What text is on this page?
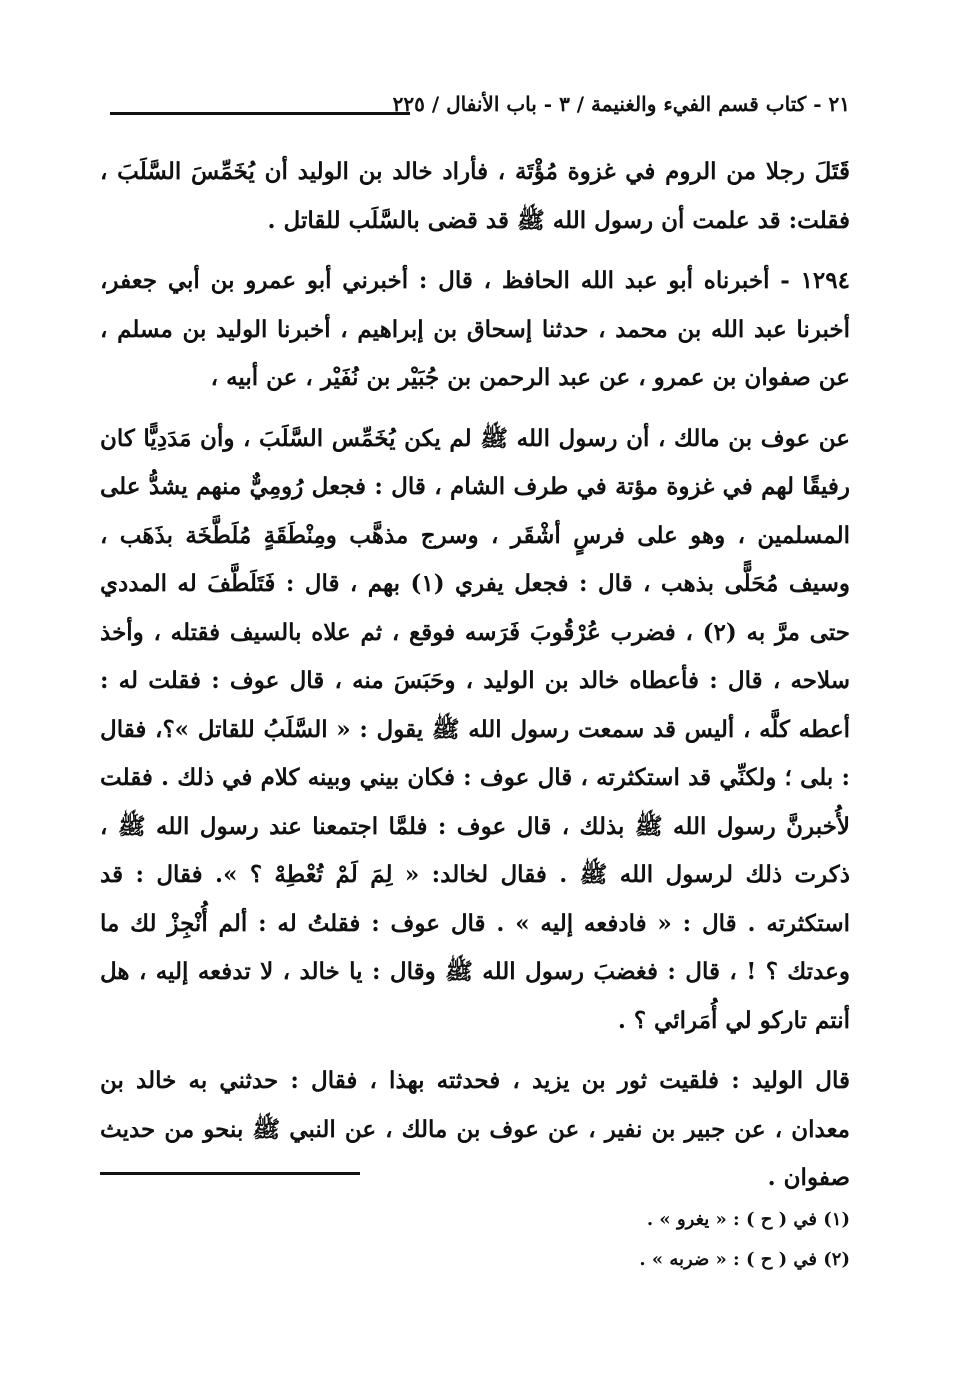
٢١ - كتاب قسم الفيء والغنيمة / ٣ - باب الأنفال / ٢٢٥

قَتَلَ رجلا من الروم في غزوة مُؤْتَة ، فأراد خالد بن الوليد أن يُخَمِّسَ السَّلَبَ ، فقلت: قد علمت أن رسول الله ﷺ قد قضى بالسَّلَب للقاتل .

١٢٩٤ - أخبرناه أبو عبد الله الحافظ ، قال : أخبرني أبو عمرو بن أبي جعفر، أخبرنا عبد الله بن محمد ، حدثنا إسحاق بن إبراهيم ، أخبرنا الوليد بن مسلم ، عن صفوان بن عمرو ، عن عبد الرحمن بن جُبَيْر بن نُفَيْر ، عن أبيه ،

عن عوف بن مالك ، أن رسول الله ﷺ لم يكن يُخَمِّس السَّلَبَ ، وأن مَدَدِيًّا كان رفيقًا لهم في غزوة مؤتة في طرف الشام ، قال : فجعل رُومِيٌّ منهم يشدُّ على المسلمين ، وهو على فرسٍ أشْقَر ، وسرج مذهَّب ومِنْطَقَةٍ مُلَطَّخَة بذَهَب ، وسيف مُحَلًّى بذهب ، قال : فجعل يفري (١) بهم ، قال : فَتَلَطَّفَ له المددي حتى مرَّ به (٢) ، فضرب عُرْقُوبَ فَرَسه فوقع ، ثم علاه بالسيف فقتله ، وأخذ سلاحه ، قال : فأعطاه خالد بن الوليد ، وحَبَسَ منه ، قال عوف : فقلت له : أعطه كلَّه ، أليس قد سمعت رسول الله ﷺ يقول : « السَّلَبُ للقاتل »؟، فقال : بلى ؛ ولكنِّي قد استكثرته ، قال عوف : فكان بيني وبينه كلام في ذلك . فقلت لأُخبرنَّ رسول الله ﷺ بذلك ، قال عوف : فلمَّا اجتمعنا عند رسول الله ﷺ ، ذكرت ذلك لرسول الله ﷺ . فقال لخالد: « لِمَ لَمْ تُعْطِهْ ؟ ». فقال : قد استكثرته . قال : « فادفعه إليه » . قال عوف : فقلتُ له : ألم أُنْجِزْ لك ما وعدتك ؟ ! ، قال : فغضبَ رسول الله ﷺ وقال : يا خالد ، لا تدفعه إليه ، هل أنتم تاركو لي أُمَرائي ؟ .

قال الوليد : فلقيت ثور بن يزيد ، فحدثته بهذا ، فقال : حدثني به خالد بن معدان ، عن جبير بن نفير ، عن عوف بن مالك ، عن النبي ﷺ بنحو من حديث صفوان .

(١) في ( ح ) : « يغرو » .
(٢) في ( ح ) : « ضربه » .
